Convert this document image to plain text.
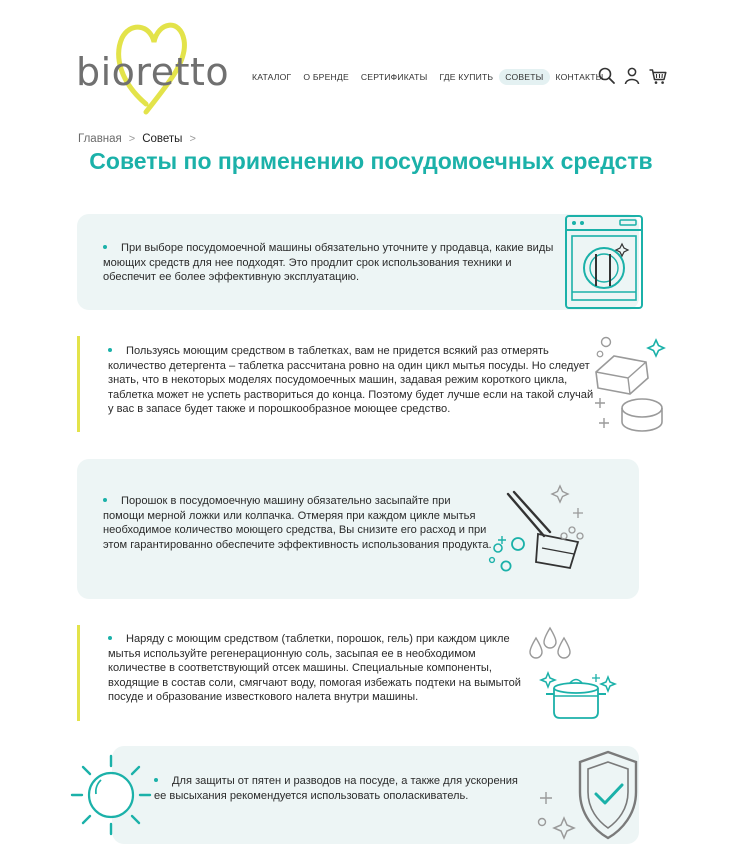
bioretto	КАТАЛОГ О БРЕНДЕ СЕРТИФИКАТЫ ГДЕ КУПИТЬ	СОВЕТЫ	КОНТАКТЫ
Главная > Советы >
Советы по применению посудомоечных средств
При выборе посудомоечной машины обязательно уточните у продавца, какие виды моющих средств для нее подходят. Это продлит срок использования техники и обеспечит ее более эффективную эксплуатацию.
Пользуясь моющим средством в таблетках, вам не придется всякий раз отмерять количество детергента – таблетка рассчитана ровно на один цикл мытья посуды. Но следует знать, что в некоторых моделях посудомоечных машин, задавая режим короткого цикла, таблетка может не успеть раствориться до конца. Поэтому будет лучше если на такой случай у вас в запасе будет также и порошкообразное моющее средство.
Порошок в посудомоечную машину обязательно засыпайте при помощи мерной ложки или колпачка. Отмеряя при каждом цикле мытья необходимое количество моющего средства, Вы снизите его расход и при этом гарантированно обеспечите эффективность использования продукта.
Наряду с моющим средством (таблетки, порошок, гель) при каждом цикле мытья используйте регенерационную соль, засыпая ее в необходимом количестве в соответствующий отсек машины. Специальные компоненты, входящие в состав соли, смягчают воду, помогая избежать подтеки на вымытой посуде и образование известкового налета внутри машины.
Для защиты от пятен и разводов на посуде, а также для ускорения ее высыхания рекомендуется использовать ополаскиватель.
